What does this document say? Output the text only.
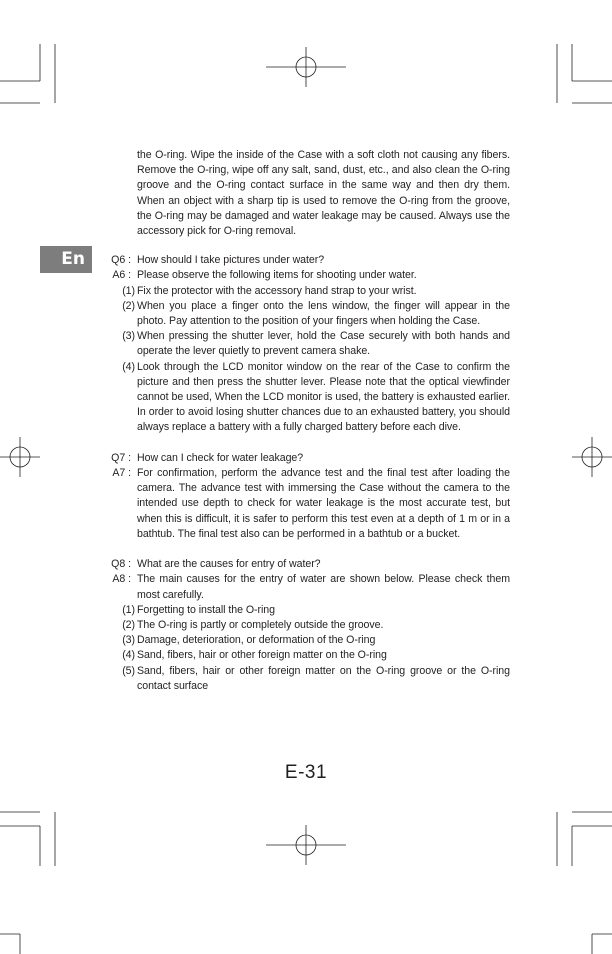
En

the O-ring. Wipe the inside of the Case with a soft cloth not causing any fibers. Remove the O-ring, wipe off any salt, sand, dust, etc., and also clean the O-ring groove and the O-ring contact surface in the same way and then dry them. When an object with a sharp tip is used to remove the O-ring from the groove, the O-ring may be damaged and water leakage may be caused. Always use the accessory pick for O-ring removal.

Q6 : How should I take pictures under water?
A6 : Please observe the following items for shooting under water.
(1) Fix the protector with the accessory hand strap to your wrist.
(2) When you place a finger onto the lens window, the finger will appear in the photo. Pay attention to the position of your fingers when holding the Case.
(3) When pressing the shutter lever, hold the Case securely with both hands and operate the lever quietly to prevent camera shake.
(4) Look through the LCD monitor window on the rear of the Case to confirm the picture and then press the shutter lever. Please note that the optical viewfinder cannot be used, When the LCD monitor is used, the battery is exhausted earlier. In order to avoid losing shutter chances due to an exhausted battery, you should always replace a battery with a fully charged battery before each dive.
Q7 : How can I check for water leakage?
A7 : For confirmation, perform the advance test and the final test after loading the camera. The advance test with immersing the Case without the camera to the intended use depth to check for water leakage is the most accurate test, but when this is difficult, it is safer to perform this test even at a depth of 1 m or in a bathtub. The final test also can be performed in a bathtub or a bucket.
Q8 : What are the causes for entry of water?
A8 : The main causes for the entry of water are shown below. Please check them most carefully.
(1) Forgetting to install the O-ring
(2) The O-ring is partly or completely outside the groove.
(3) Damage, deterioration, or deformation of the O-ring
(4) Sand, fibers, hair or other foreign matter on the O-ring
(5) Sand, fibers, hair or other foreign matter on the O-ring groove or the O-ring contact surface
E-31
